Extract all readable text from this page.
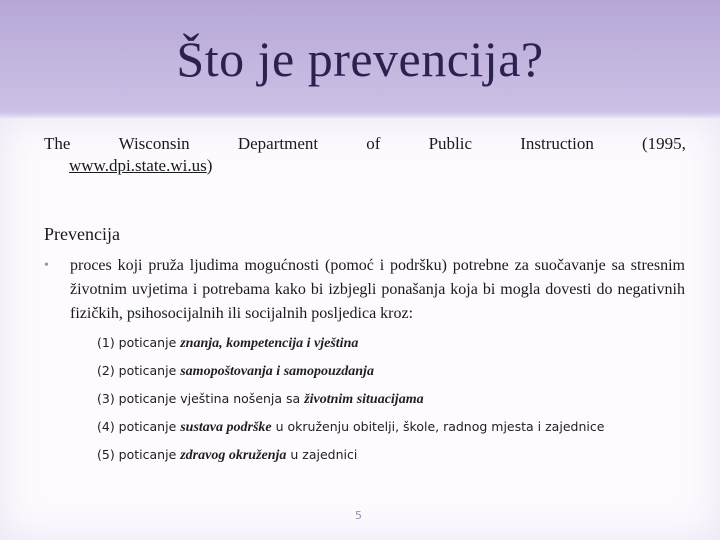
Što je prevencija?
The	Wisconsin	Department	of	Public	Instruction	(1995,
www.dpi.state.wi.us)
Prevencija
•	proces koji pruža ljudima mogućnosti (pomoć i podršku) potrebne za suočavanje sa stresnim životnim uvjetima i potrebama kako bi izbjegli ponašanja koja bi mogla dovesti do negativnih fizičkih, psihosocijalnih ili socijalnih posljedica kroz:
(1) poticanje znanja, kompetencija i vještina
(2) poticanje samopoštovanja i samopouzdanja
(3) poticanje vještina nošenja sa životnim situacijama
(4) poticanje sustava podrške u okruženju obitelji, škole, radnog mjesta i zajednice
(5) poticanje zdravog okruženja u zajednici
5
